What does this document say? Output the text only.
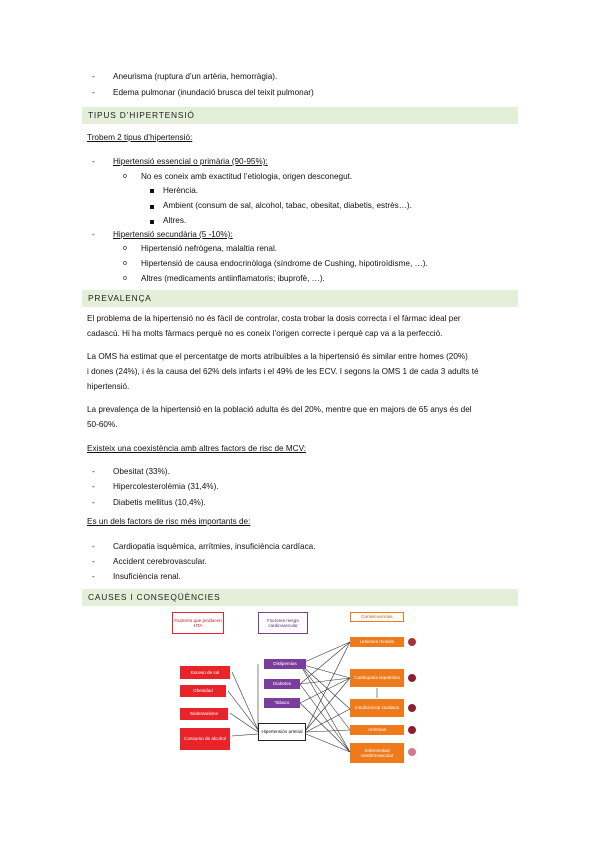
- Aneurisma (ruptura d’un artèria, hemorràgia).
- Edema pulmonar (inundació brusca del teixit pulmonar)
TIPUS D’HIPERTENSIÓ
Trobem 2 tipus d’hipertensió:
- Hipertensió essencial o primària (90-95%):
o No es coneix amb exactitud l’etiologia, origen desconegut.
Herència.
Ambient (consum de sal, alcohol, tabac, obesitat, diabetis, estrès…).
Altres.
- Hipertensió secundària (5 -10%):
o Hipertensió nefrògena, malaltia renal.
o Hipertensió de causa endocrinòloga (síndrome de Cushing, hipotiroïdisme, …).
o Altres (medicaments antiinflamatoris; ibuprofè, …).
PREVALENÇA
El problema de la hipertensió no és fàcil de controlar, costa trobar la dosis correcta i el fàrmac ideal per
cadascú. Hi ha molts fàrmacs perquè no es coneix l’origen correcte i perquè cap va a la perfecció.
La OMS ha estimat que el percentatge de morts atribuïbles a la hipertensió és similar entre homes (20%)
i dones (24%), i és la causa del 62% dels infarts i el 49% de les ECV. I segons la OMS 1 de cada 3 adults té
hipertensió.
La prevalença de la hipertensió en la població adulta és del 20%, mentre que en majors de 65 anys és del
50-60%.
Existeix una coexistència amb altres factors de risc de MCV:
- Obesitat (33%).
- Hipercolesterolèmia (31,4%).
- Diabetis mellitus (10,4%).
Es un dels factors de risc més importants de:
- Cardiopatia isquèmica, arrítmies, insuficiència cardíaca.
- Accident cerebrovascular.
- Insuficiència renal.
CAUSES I CONSEQÜÈNCIES
Factores que producen HTA
Factores riesgo cardiovascular
Consecuencias
Exceso de sal
Obesidad
Sedentarismo
Consumo de alcohol
Dislipemias
Diabetes
Tabaco
Hipertensión arterial
Lesiones renales
Cardiopatía isquémica
Insuficiencia cardiaca
Arritmias
Enfermedad cerebrovascular
